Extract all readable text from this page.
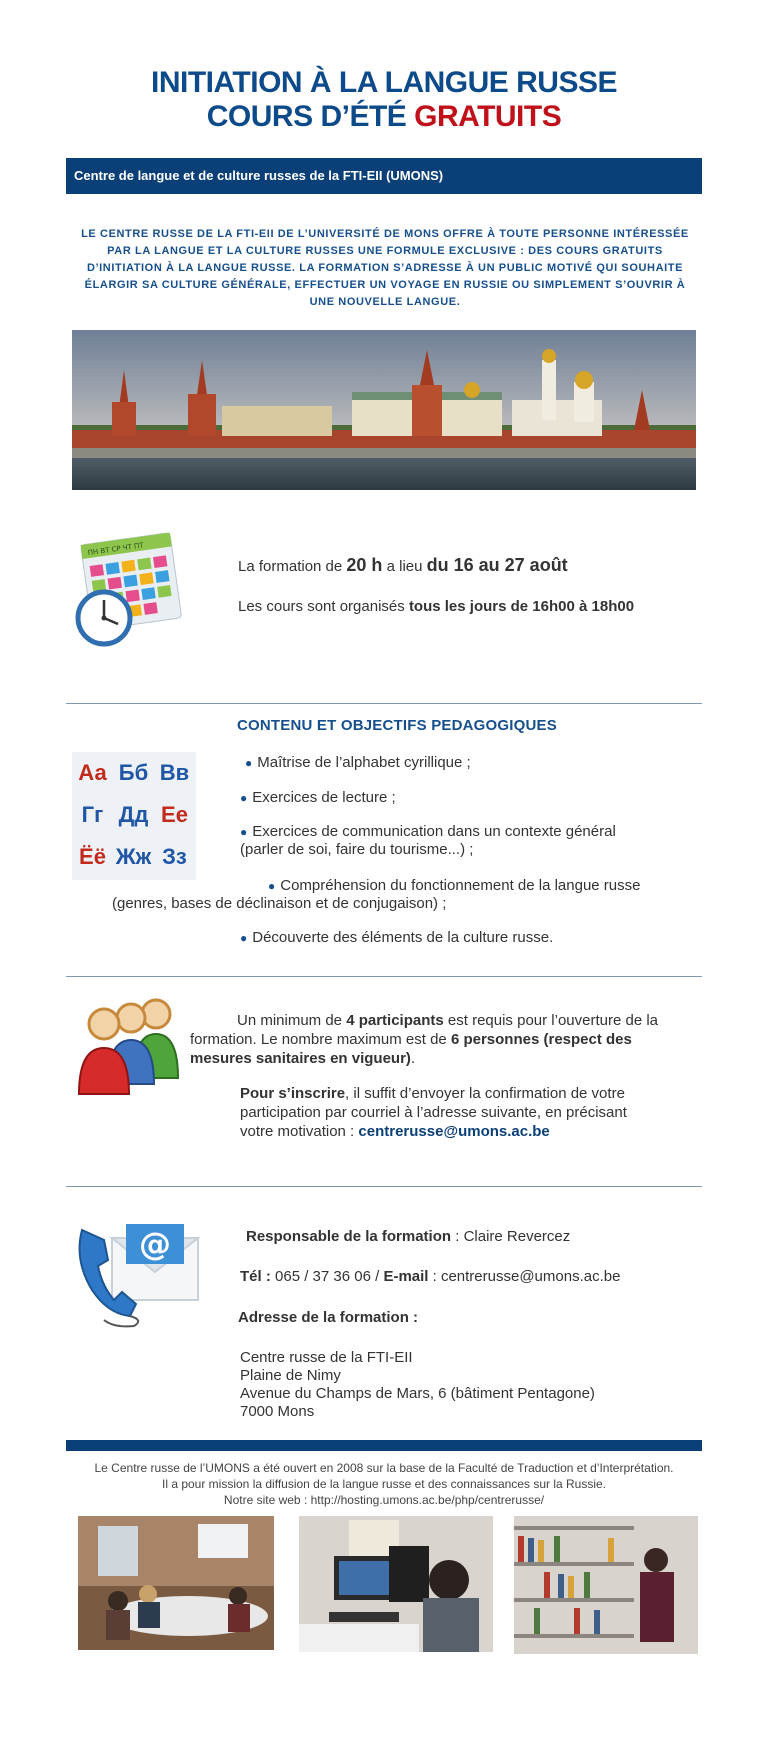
INITIATION À LA LANGUE RUSSE
COURS D’ÉTÉ GRATUITS
Centre de langue et de culture russes de la FTI-EII (UMONS)
LE CENTRE RUSSE DE LA FTI-EII DE L’UNIVERSITÉ DE MONS OFFRE À TOUTE PERSONNE INTÉRESSÉE PAR LA LANGUE ET LA CULTURE RUSSES UNE FORMULE EXCLUSIVE : DES COURS GRATUITS D’INITIATION À LA LANGUE RUSSE. LA FORMATION S’ADRESSE À UN PUBLIC MOTIVÉ QUI SOUHAITE ÉLARGIR SA CULTURE GÉNÉRALE, EFFECTUER UN VOYAGE EN RUSSIE OU SIMPLEMENT S’OUVRIR À UNE NOUVELLE LANGUE.
ПН ВТ СР ЧТ ПТ
La formation de 20 h a lieu du 16 au 27 août
Les cours sont organisés tous les jours de 16h00 à 18h00
CONTENU ET OBJECTIFS PEDAGOGIQUES
Аа Бб Вв
Гг Дд Ее
Ёё Жж Зз
● Maîtrise de l’alphabet cyrillique ;
● Exercices de lecture ;
● Exercices de communication dans un contexte général
(parler de soi, faire du tourisme...) ;
● Compréhension du fonctionnement de la langue russe
(genres, bases de déclinaison et de conjugaison) ;
● Découverte des éléments de la culture russe.
Un minimum de 4 participants est requis pour l’ouverture de la
formation. Le nombre maximum est de 6 personnes (respect des
mesures sanitaires en vigueur).
Pour s’inscrire, il suffit d’envoyer la confirmation de votre
participation par courriel à l’adresse suivante, en précisant
votre motivation : centrerusse@umons.ac.be
@	Responsable de la formation : Claire Revercez
Tél : 065 / 37 36 06 / E-mail : centrerusse@umons.ac.be
Adresse de la formation :
Centre russe de la FTI-EII
Plaine de Nimy
Avenue du Champs de Mars, 6 (bâtiment Pentagone)
7000 Mons
Le Centre russe de l’UMONS a été ouvert en 2008 sur la base de la Faculté de Traduction et d’Interprétation.
Il a pour mission la diffusion de la langue russe et des connaissances sur la Russie.
Notre site web : http://hosting.umons.ac.be/php/centrerusse/
